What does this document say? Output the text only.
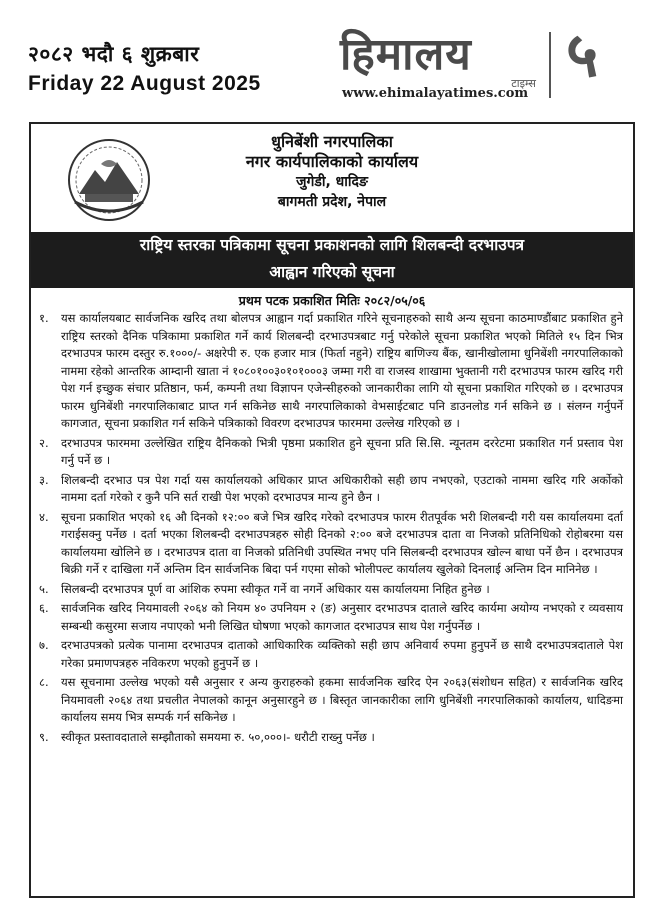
२०८२ भदौ ६ शुक्रबार
Friday 22 August 2025
हिमालय
टाइम्स
www.ehimalayatimes.com
५
धुनिबेंशी नगरपालिका
नगर कार्यपालिकाको कार्यालय
जुगेडी, धादिङ
बागमती प्रदेश, नेपाल
राष्ट्रिय स्तरका पत्रिकामा सूचना प्रकाशनको लागि शिलबन्दी दरभाउपत्र
आह्वान गरिएको सूचना
प्रथम पटक प्रकाशित मितिः २०८२/०५/०६
१.	यस कार्यालयबाट सार्वजनिक खरिद तथा बोलपत्र आह्वान गर्दा प्रकाशित गरिने सूचनाहरुको साथै अन्य सूचना काठमाण्डौंबाट प्रकाशित हुने राष्ट्रिय स्तरको दैनिक पत्रिकामा प्रकाशित गर्ने कार्य शिलबन्दी दरभाउपत्रबाट गर्नु परेकोले सूचना प्रकाशित भएको मितिले १५ दिन भित्र दरभाउपत्र फारम दस्तुर रु.१०००/- अक्षरेपी रु. एक हजार मात्र (फिर्ता नहुने) राष्ट्रिय बाणिज्य बैंक, खानीखोलामा धुनिबेंशी नगरपालिकाको नाममा रहेको आन्तरिक आम्दानी खाता नं १०८०१००३०१०१०००३ जम्मा गरी वा राजस्व शाखामा भुक्तानी गरी दरभाउपत्र फारम खरिद गरी पेश गर्न इच्छुक संचार प्रतिष्ठान, फर्म, कम्पनी तथा विज्ञापन एजेन्सीहरुको जानकारीका लागि यो सूचना प्रकाशित गरिएको छ । दरभाउपत्र फारम धुनिबेंशी नगरपालिकाबाट प्राप्त गर्न सकिनेछ साथै नगरपालिकाको वेभसाईटबाट पनि डाउनलोड गर्न सकिने छ । संलग्न गर्नुपर्ने कागजात, सूचना प्रकाशित गर्न सकिने पत्रिकाको विवरण दरभाउपत्र फारममा उल्लेख गरिएको छ ।
२.	दरभाउपत्र फारममा उल्लेखित राष्ट्रिय दैनिकको भित्री पृष्ठमा प्रकाशित हुने सूचना प्रति सि.सि. न्यूनतम दररेटमा प्रकाशित गर्न प्रस्ताव पेश गर्नु पर्ने छ ।
३.	शिलबन्दी दरभाउ पत्र पेश गर्दा यस कार्यालयको अधिकार प्राप्त अधिकारीको सही छाप नभएको, एउटाको नाममा खरिद गरि अर्कोको नाममा दर्ता गरेको र कुनै पनि सर्त राखी पेश भएको दरभाउपत्र मान्य हुने छैन ।
४.	सूचना प्रकाशित भएको १६ औ दिनको १२:०० बजे भित्र खरिद गरेको दरभाउपत्र फारम रीतपूर्वक भरी शिलबन्दी गरी यस कार्यालयमा दर्ता गराईसक्नु पर्नेछ । दर्ता भएका शिलबन्दी दरभाउपत्रहरु सोही दिनको २:०० बजे दरभाउपत्र दाता वा निजको प्रतिनिधिको रोहोबरमा यस कार्यालयमा खोलिने छ । दरभाउपत्र दाता वा निजको प्रतिनिधी उपस्थित नभए पनि सिलबन्दी दरभाउपत्र खोल्न बाधा पर्ने छैन । दरभाउपत्र बिक्री गर्ने र दाखिला गर्ने अन्तिम दिन सार्वजनिक बिदा पर्न गएमा सोको भोलीपल्ट कार्यालय खुलेको दिनलाई अन्तिम दिन मानिनेछ ।
५.	सिलबन्दी दरभाउपत्र पूर्ण वा आंशिक रुपमा स्वीकृत गर्ने वा नगर्ने अधिकार यस कार्यालयमा निहित हुनेछ ।
६.	सार्वजनिक खरिद नियमावली २०६४ को नियम ४० उपनियम २ (ङ) अनुसार दरभाउपत्र दाताले खरिद कार्यमा अयोग्य नभएको र व्यवसाय सम्बन्धी कसुरमा सजाय नपाएको भनी लिखित घोषणा भएको कागजात दरभाउपत्र साथ पेश गर्नुपर्नेछ ।
७.	दरभाउपत्रको प्रत्येक पानामा दरभाउपत्र दाताको आधिकारिक व्यक्तिको सही छाप अनिवार्य रुपमा हुनुपर्ने छ साथै दरभाउपत्रदाताले पेश गरेका प्रमाणपत्रहरु नविकरण भएको हुनुपर्ने छ ।
८.	यस सूचनामा उल्लेख भएको यसै अनुसार र अन्य कुराहरुको हकमा सार्वजनिक खरिद ऐन २०६३(संशोधन सहित) र सार्वजनिक खरिद नियमावली २०६४ तथा प्रचलीत नेपालको कानून अनुसारहुने छ । बिस्तृत जानकारीका लागि धुनिबेंशी नगरपालिकाको कार्यालय, धादिङमा कार्यालय समय भित्र सम्पर्क गर्न सकिनेछ ।
९.	स्वीकृत प्रस्तावदाताले सम्झौताको समयमा रु. ५०,०००।- धरौटी राख्नु पर्नेछ ।
